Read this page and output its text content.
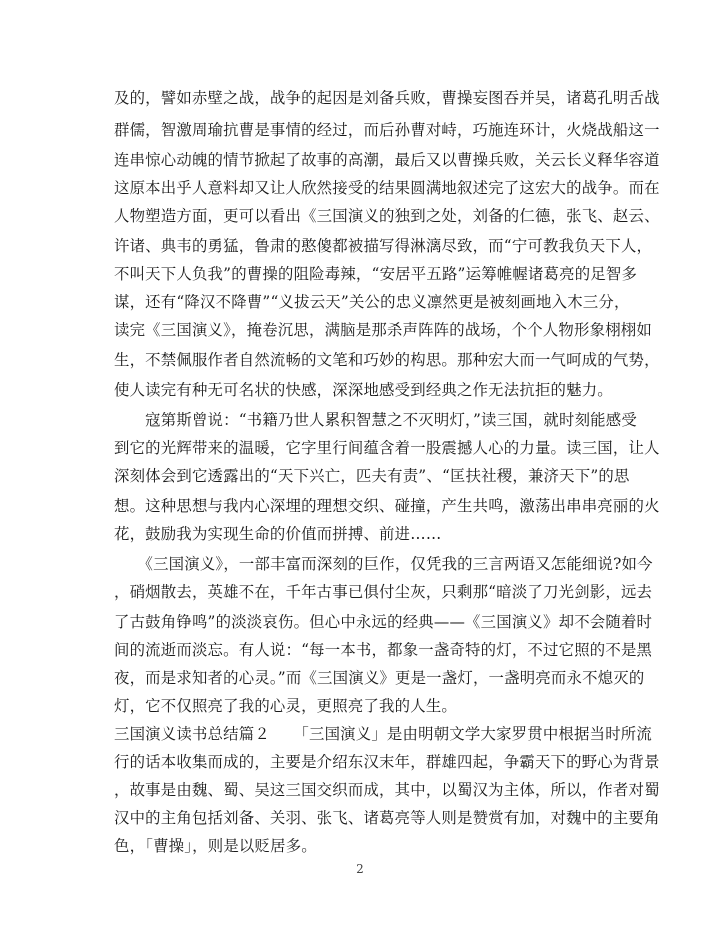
及的，譬如赤壁之战，战争的起因是刘备兵败，曹操妄图吞并吴，诸葛孔明舌战
群儒，智激周瑜抗曹是事情的经过，而后孙曹对峙，巧施连环计，火烧战船这一
连串惊心动魄的情节掀起了故事的高潮，最后又以曹操兵败，关云长义释华容道
这原本出乎人意料却又让人欣然接受的结果圆满地叙述完了这宏大的战争。而在
人物塑造方面，更可以看出《三国演义的独到之处，刘备的仁德，张飞、赵云、
许诸、典韦的勇猛，鲁肃的憨傻都被描写得淋漓尽致，而“宁可教我负天下人，
不叫天下人负我”的曹操的阻险毒辣，“安居平五路”运筹帷幄诸葛亮的足智多
谋，还有“降汉不降曹”“义拔云天”关公的忠义凛然更是被刻画地入木三分，
读完《三国演义》，掩卷沉思，满脑是那杀声阵阵的战场，个个人物形象栩栩如
生，不禁佩服作者自然流畅的文笔和巧妙的构思。那种宏大而一气呵成的气势，
使人读完有种无可名状的快感，深深地感受到经典之作无法抗拒的魅力。
　　寇第斯曾说：“书籍乃世人累积智慧之不灭明灯，”读三国，就时刻能感受
到它的光辉带来的温暖，它字里行间蕴含着一股震撼人心的力量。读三国，让人
深刻体会到它透露出的“天下兴亡，匹夫有责”、“匡扶社稷，兼济天下”的思
想。这种思想与我内心深埋的理想交织、碰撞，产生共鸣，激荡出串串亮丽的火
花，鼓励我为实现生命的价值而拼搏、前进……
　　《三国演义》，一部丰富而深刻的巨作，仅凭我的三言两语又怎能细说?如今
，硝烟散去，英雄不在，千年古事已俱付尘灰，只剩那“暗淡了刀光剑影，远去
了古鼓角铮鸣”的淡淡哀伤。但心中永远的经典——《三国演义》却不会随着时
间的流逝而淡忘。有人说：“每一本书，都象一盏奇特的灯，不过它照的不是黑
夜，而是求知者的心灵。”而《三国演义》更是一盏灯，一盏明亮而永不熄灭的
灯，它不仅照亮了我的心灵，更照亮了我的人生。
三国演义读书总结篇２　　「三国演义」是由明朝文学大家罗贯中根据当时所流
行的话本收集而成的，主要是介绍东汉末年，群雄四起，争霸天下的野心为背景
，故事是由魏、蜀、吴这三国交织而成，其中，以蜀汉为主体，所以，作者对蜀
汉中的主角包括刘备、关羽、张飞、诸葛亮等人则是赞赏有加，对魏中的主要角
色，「曹操」，则是以贬居多。
2
